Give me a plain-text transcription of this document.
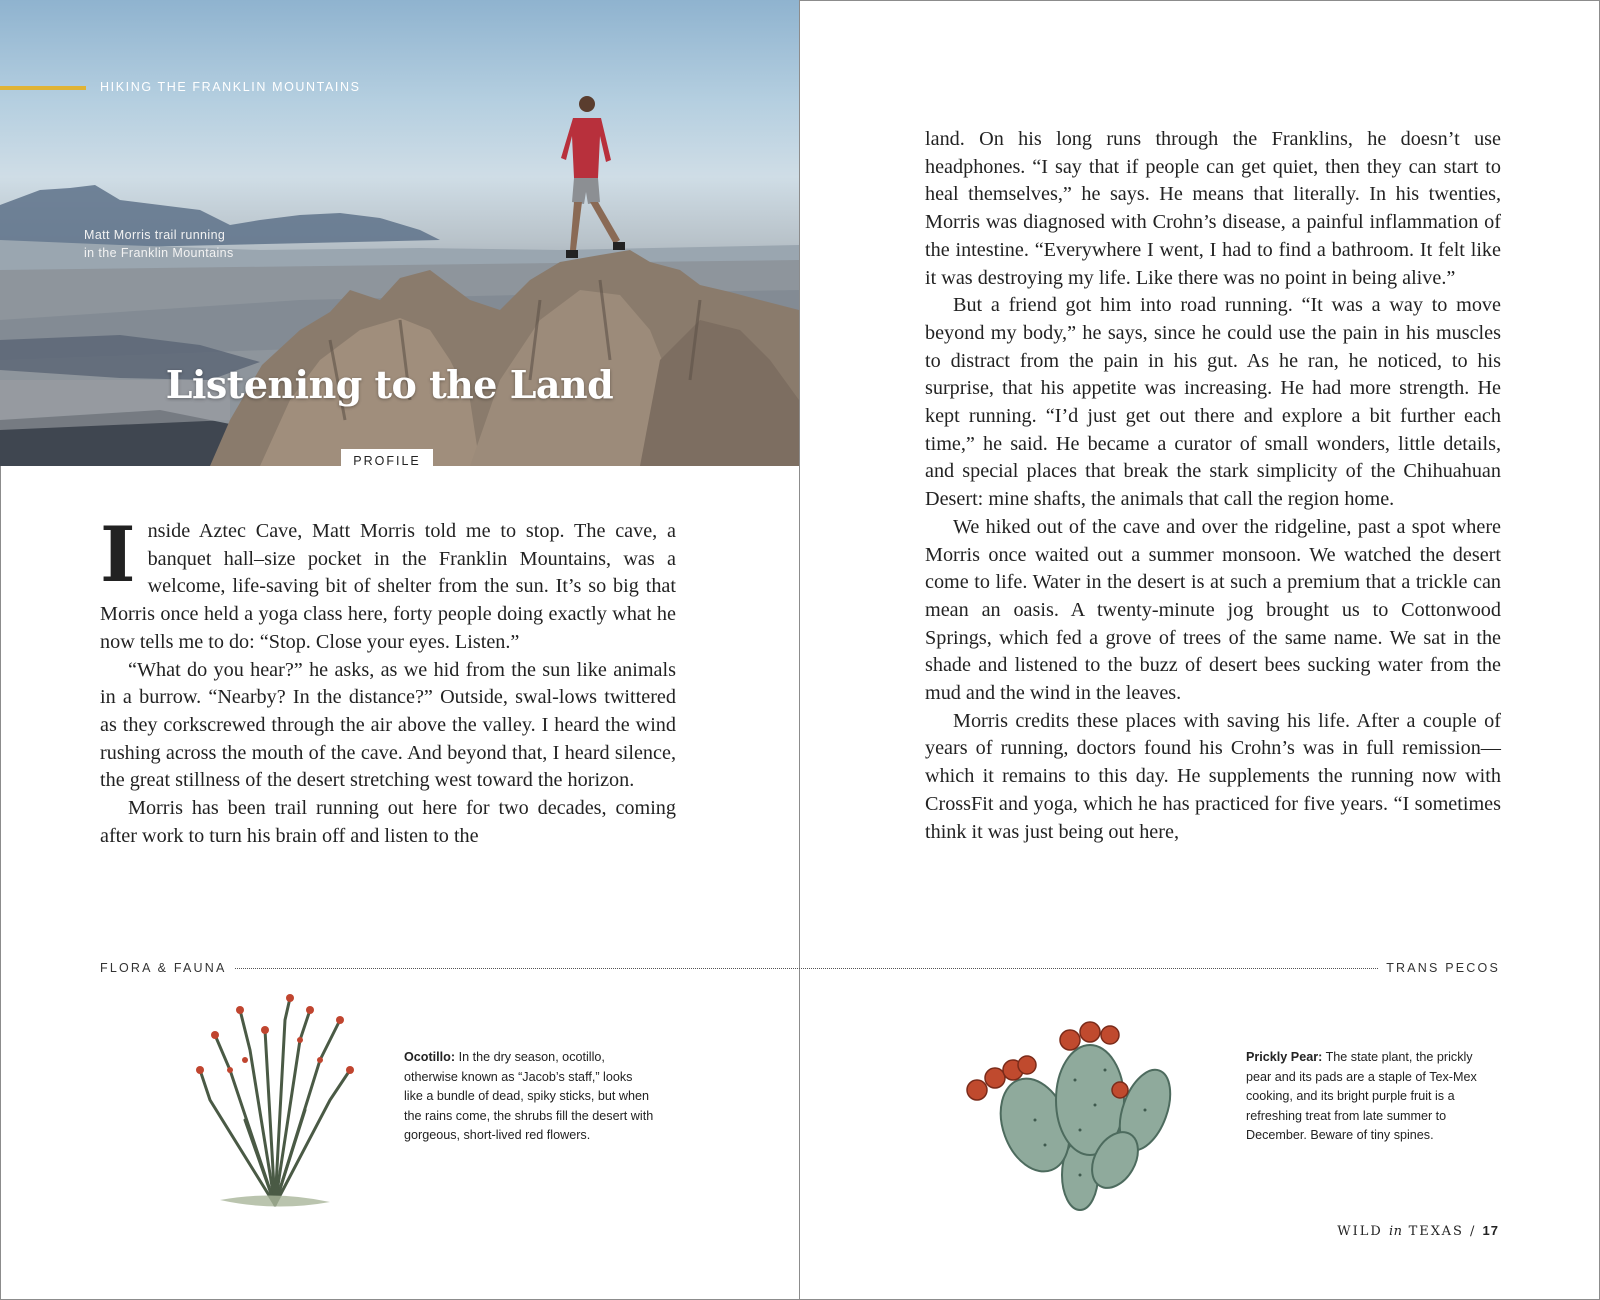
HIKING THE FRANKLIN MOUNTAINS
Matt Morris trail running
in the Franklin Mountains
Listening to the Land
PROFILE

Inside Aztec Cave, Matt Morris told me to stop. The cave, a banquet hall–size pocket in the Franklin Mountains, was a welcome, life-saving bit of shelter from the sun. It’s so big that Morris once held a yoga class here, forty people doing exactly what he now tells me to do: “Stop. Close your eyes. Listen.”

“What do you hear?” he asks, as we hid from the sun like animals in a burrow. “Nearby? In the distance?” Outside, swal-lows twittered as they corkscrewed through the air above the valley. I heard the wind rushing across the mouth of the cave. And beyond that, I heard silence, the great stillness of the desert stretching west toward the horizon.

Morris has been trail running out here for two decades, coming after work to turn his brain off and listen to the

land. On his long runs through the Franklins, he doesn’t use headphones. “I say that if people can get quiet, then they can start to heal themselves,” he says. He means that literally. In his twenties, Morris was diagnosed with Crohn’s disease, a painful inflammation of the intestine. “Everywhere I went, I had to find a bathroom. It felt like it was destroying my life. Like there was no point in being alive.”

But a friend got him into road running. “It was a way to move beyond my body,” he says, since he could use the pain in his muscles to distract from the pain in his gut. As he ran, he noticed, to his surprise, that his appetite was increasing. He had more strength. He kept running. “I’d just get out there and explore a bit further each time,” he said. He became a curator of small wonders, little details, and special places that break the stark simplicity of the Chihuahuan Desert: mine shafts, the animals that call the region home.

We hiked out of the cave and over the ridgeline, past a spot where Morris once waited out a summer monsoon. We watched the desert come to life. Water in the desert is at such a premium that a trickle can mean an oasis. A twenty-minute jog brought us to Cottonwood Springs, which fed a grove of trees of the same name. We sat in the shade and listened to the buzz of desert bees sucking water from the mud and the wind in the leaves.

Morris credits these places with saving his life. After a couple of years of running, doctors found his Crohn’s was in full remission—which it remains to this day. He supplements the running now with CrossFit and yoga, which he has practiced for five years. “I sometimes think it was just being out here,

FLORA & FAUNA	TRANS PECOS
Ocotillo: In the dry season, ocotillo, otherwise known as “Jacob’s staff,” looks like a bundle of dead, spiky sticks, but when the rains come, the shrubs fill the desert with gorgeous, short-lived red flowers.
Prickly Pear: The state plant, the prickly pear and its pads are a staple of Tex-Mex cooking, and its bright purple fruit is a refreshing treat from late summer to December. Beware of tiny spines.
WILD in TEXAS / 17
